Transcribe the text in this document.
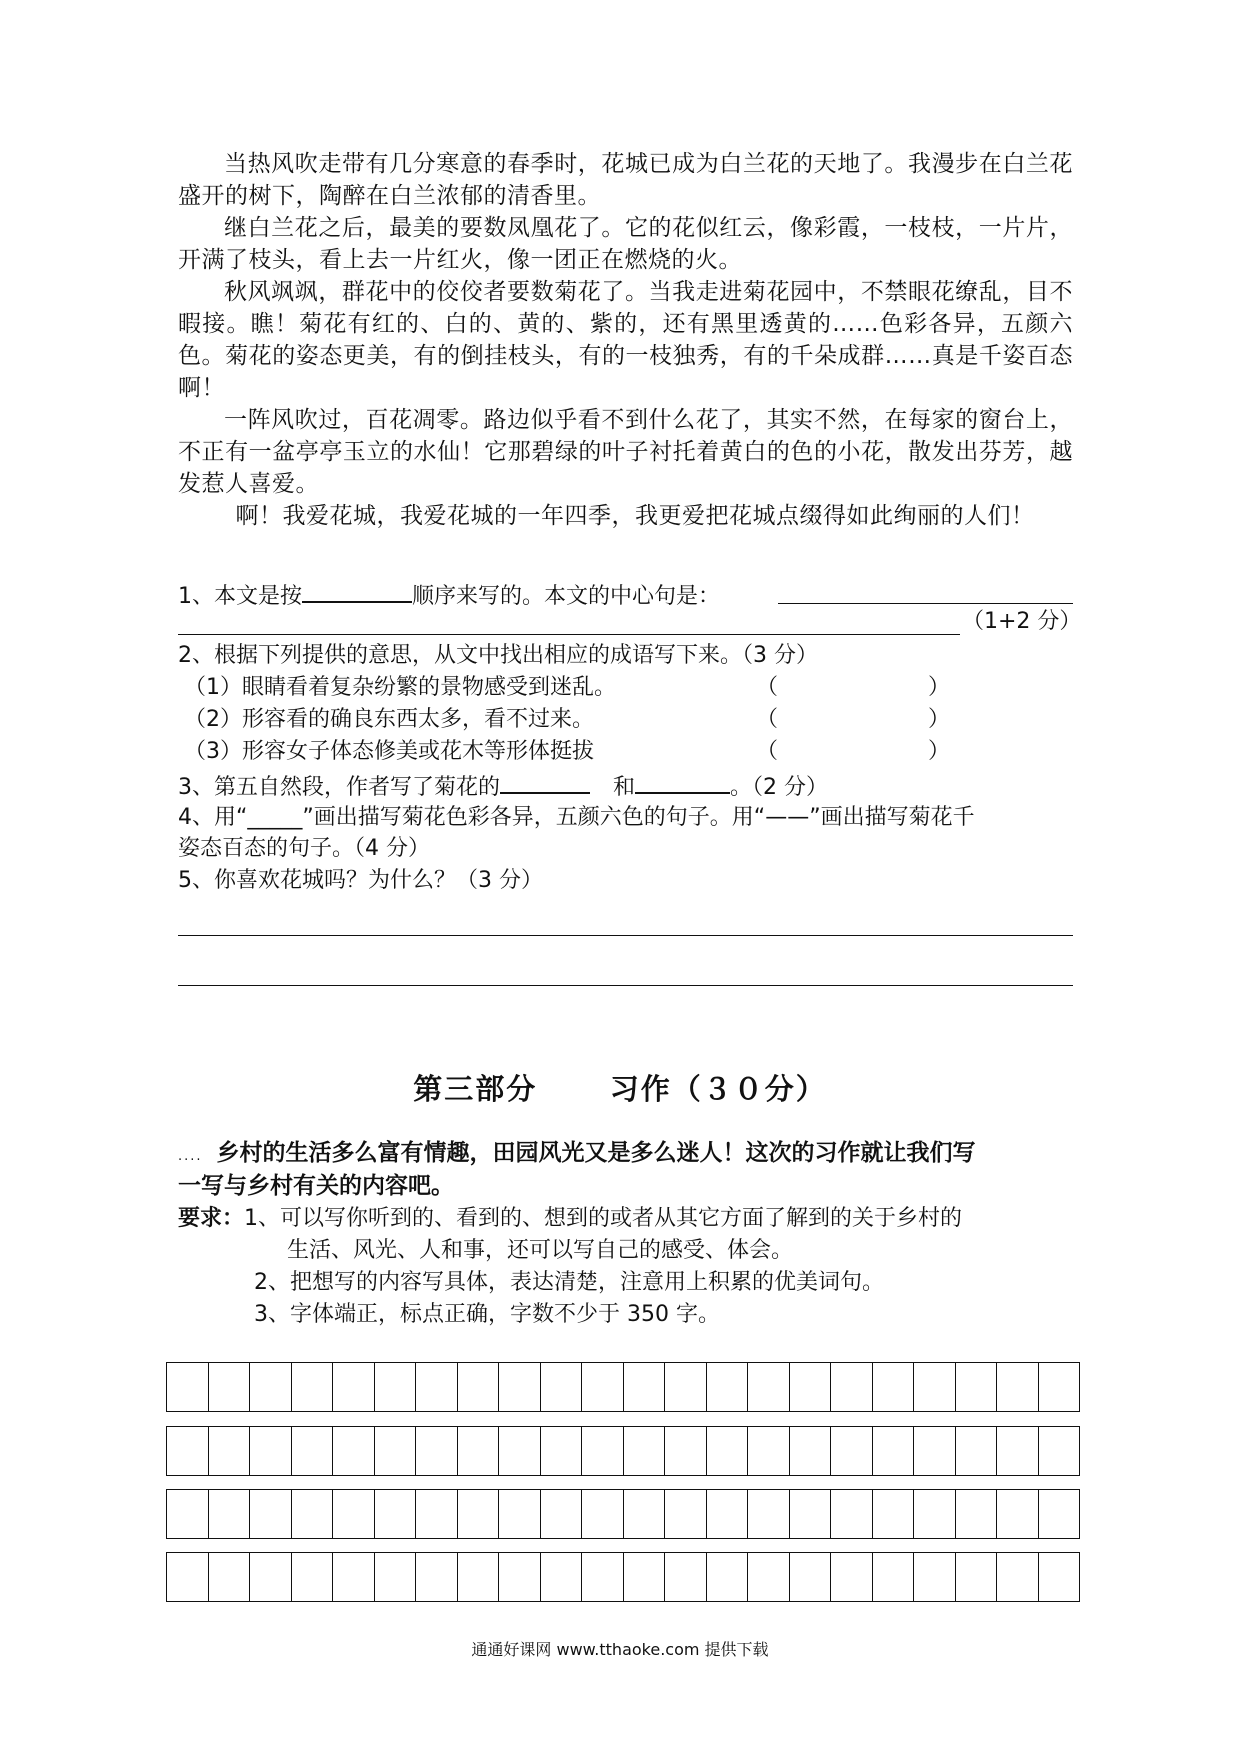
当热风吹走带有几分寒意的春季时，花城已成为白兰花的天地了。我漫步在白兰花盛开的树下，陶醉在白兰浓郁的清香里。

继白兰花之后，最美的要数凤凰花了。它的花似红云，像彩霞，一枝枝，一片片，开满了枝头，看上去一片红火，像一团正在燃烧的火。

秋风飒飒，群花中的佼佼者要数菊花了。当我走进菊花园中，不禁眼花缭乱，目不暇接。瞧！菊花有红的、白的、黄的、紫的，还有黑里透黄的……色彩各异，五颜六色。菊花的姿态更美，有的倒挂枝头，有的一枝独秀，有的千朵成群……真是千姿百态啊！

一阵风吹过，百花凋零。路边似乎看不到什么花了，其实不然，在每家的窗台上，不正有一盆亭亭玉立的水仙！它那碧绿的叶子衬托着黄白的色的小花，散发出芬芳，越发惹人喜爱。

啊！我爱花城，我爱花城的一年四季，我更爱把花城点缀得如此绚丽的人们！

1、本文是按	顺序来写的。本文的中心句是：
（1+2 分）
2、根据下列提供的意思，从文中找出相应的成语写下来。（3 分）
（1）眼睛看着复杂纷繁的景物感受到迷乱。	（	）
（2）形容看的确良东西太多，看不过来。	（	）
（3）形容女子体态修美或花木等形体挺拔	（	）
3、第五自然段，作者写了菊花的	和	。（2 分）
4、用“_____”画出描写菊花色彩各异，五颜六色的句子。用“——”画出描写菊花千
姿态百态的句子。（4 分）
5、你喜欢花城吗？为什么？（3 分）
第三部分      习作（３０分）
.... 乡村的生活多么富有情趣，田园风光又是多么迷人！这次的习作就让我们写
一写与乡村有关的内容吧。
要求：1、可以写你听到的、看到的、想到的或者从其它方面了解到的关于乡村的
生活、风光、人和事，还可以写自己的感受、体会。
2、把想写的内容写具体，表达清楚，注意用上积累的优美词句。
3、字体端正，标点正确，字数不少于 350 字。
通通好课网 www.tthaoke.com 提供下载
